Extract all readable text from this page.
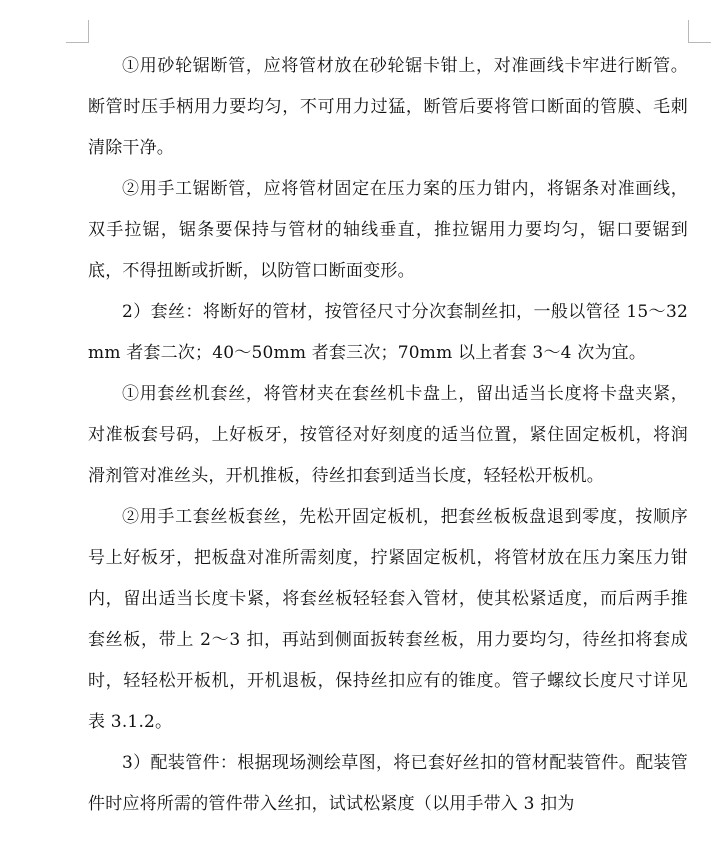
①用砂轮锯断管，应将管材放在砂轮锯卡钳上，对准画线卡牢进行断管。断管时压手柄用力要均匀，不可用力过猛，断管后要将管口断面的管膜、毛刺清除干净。

②用手工锯断管，应将管材固定在压力案的压力钳内，将锯条对准画线，双手拉锯，锯条要保持与管材的轴线垂直，推拉锯用力要均匀，锯口要锯到底，不得扭断或折断，以防管口断面变形。

2）套丝：将断好的管材，按管径尺寸分次套制丝扣，一般以管径 15～32mm 者套二次；40～50mm 者套三次；70mm 以上者套 3～4 次为宜。

①用套丝机套丝，将管材夹在套丝机卡盘上，留出适当长度将卡盘夹紧，对准板套号码，上好板牙，按管径对好刻度的适当位置，紧住固定板机，将润滑剂管对准丝头，开机推板，待丝扣套到适当长度，轻轻松开板机。

②用手工套丝板套丝，先松开固定板机，把套丝板板盘退到零度，按顺序号上好板牙，把板盘对准所需刻度，拧紧固定板机，将管材放在压力案压力钳内，留出适当长度卡紧，将套丝板轻轻套入管材，使其松紧适度，而后两手推套丝板，带上 2～3 扣，再站到侧面扳转套丝板，用力要均匀，待丝扣将套成时，轻轻松开板机，开机退板，保持丝扣应有的锥度。管子螺纹长度尺寸详见表 3.1.2。

3）配装管件：根据现场测绘草图，将已套好丝扣的管材配装管件。配装管件时应将所需的管件带入丝扣，试试松紧度（以用手带入 3 扣为
